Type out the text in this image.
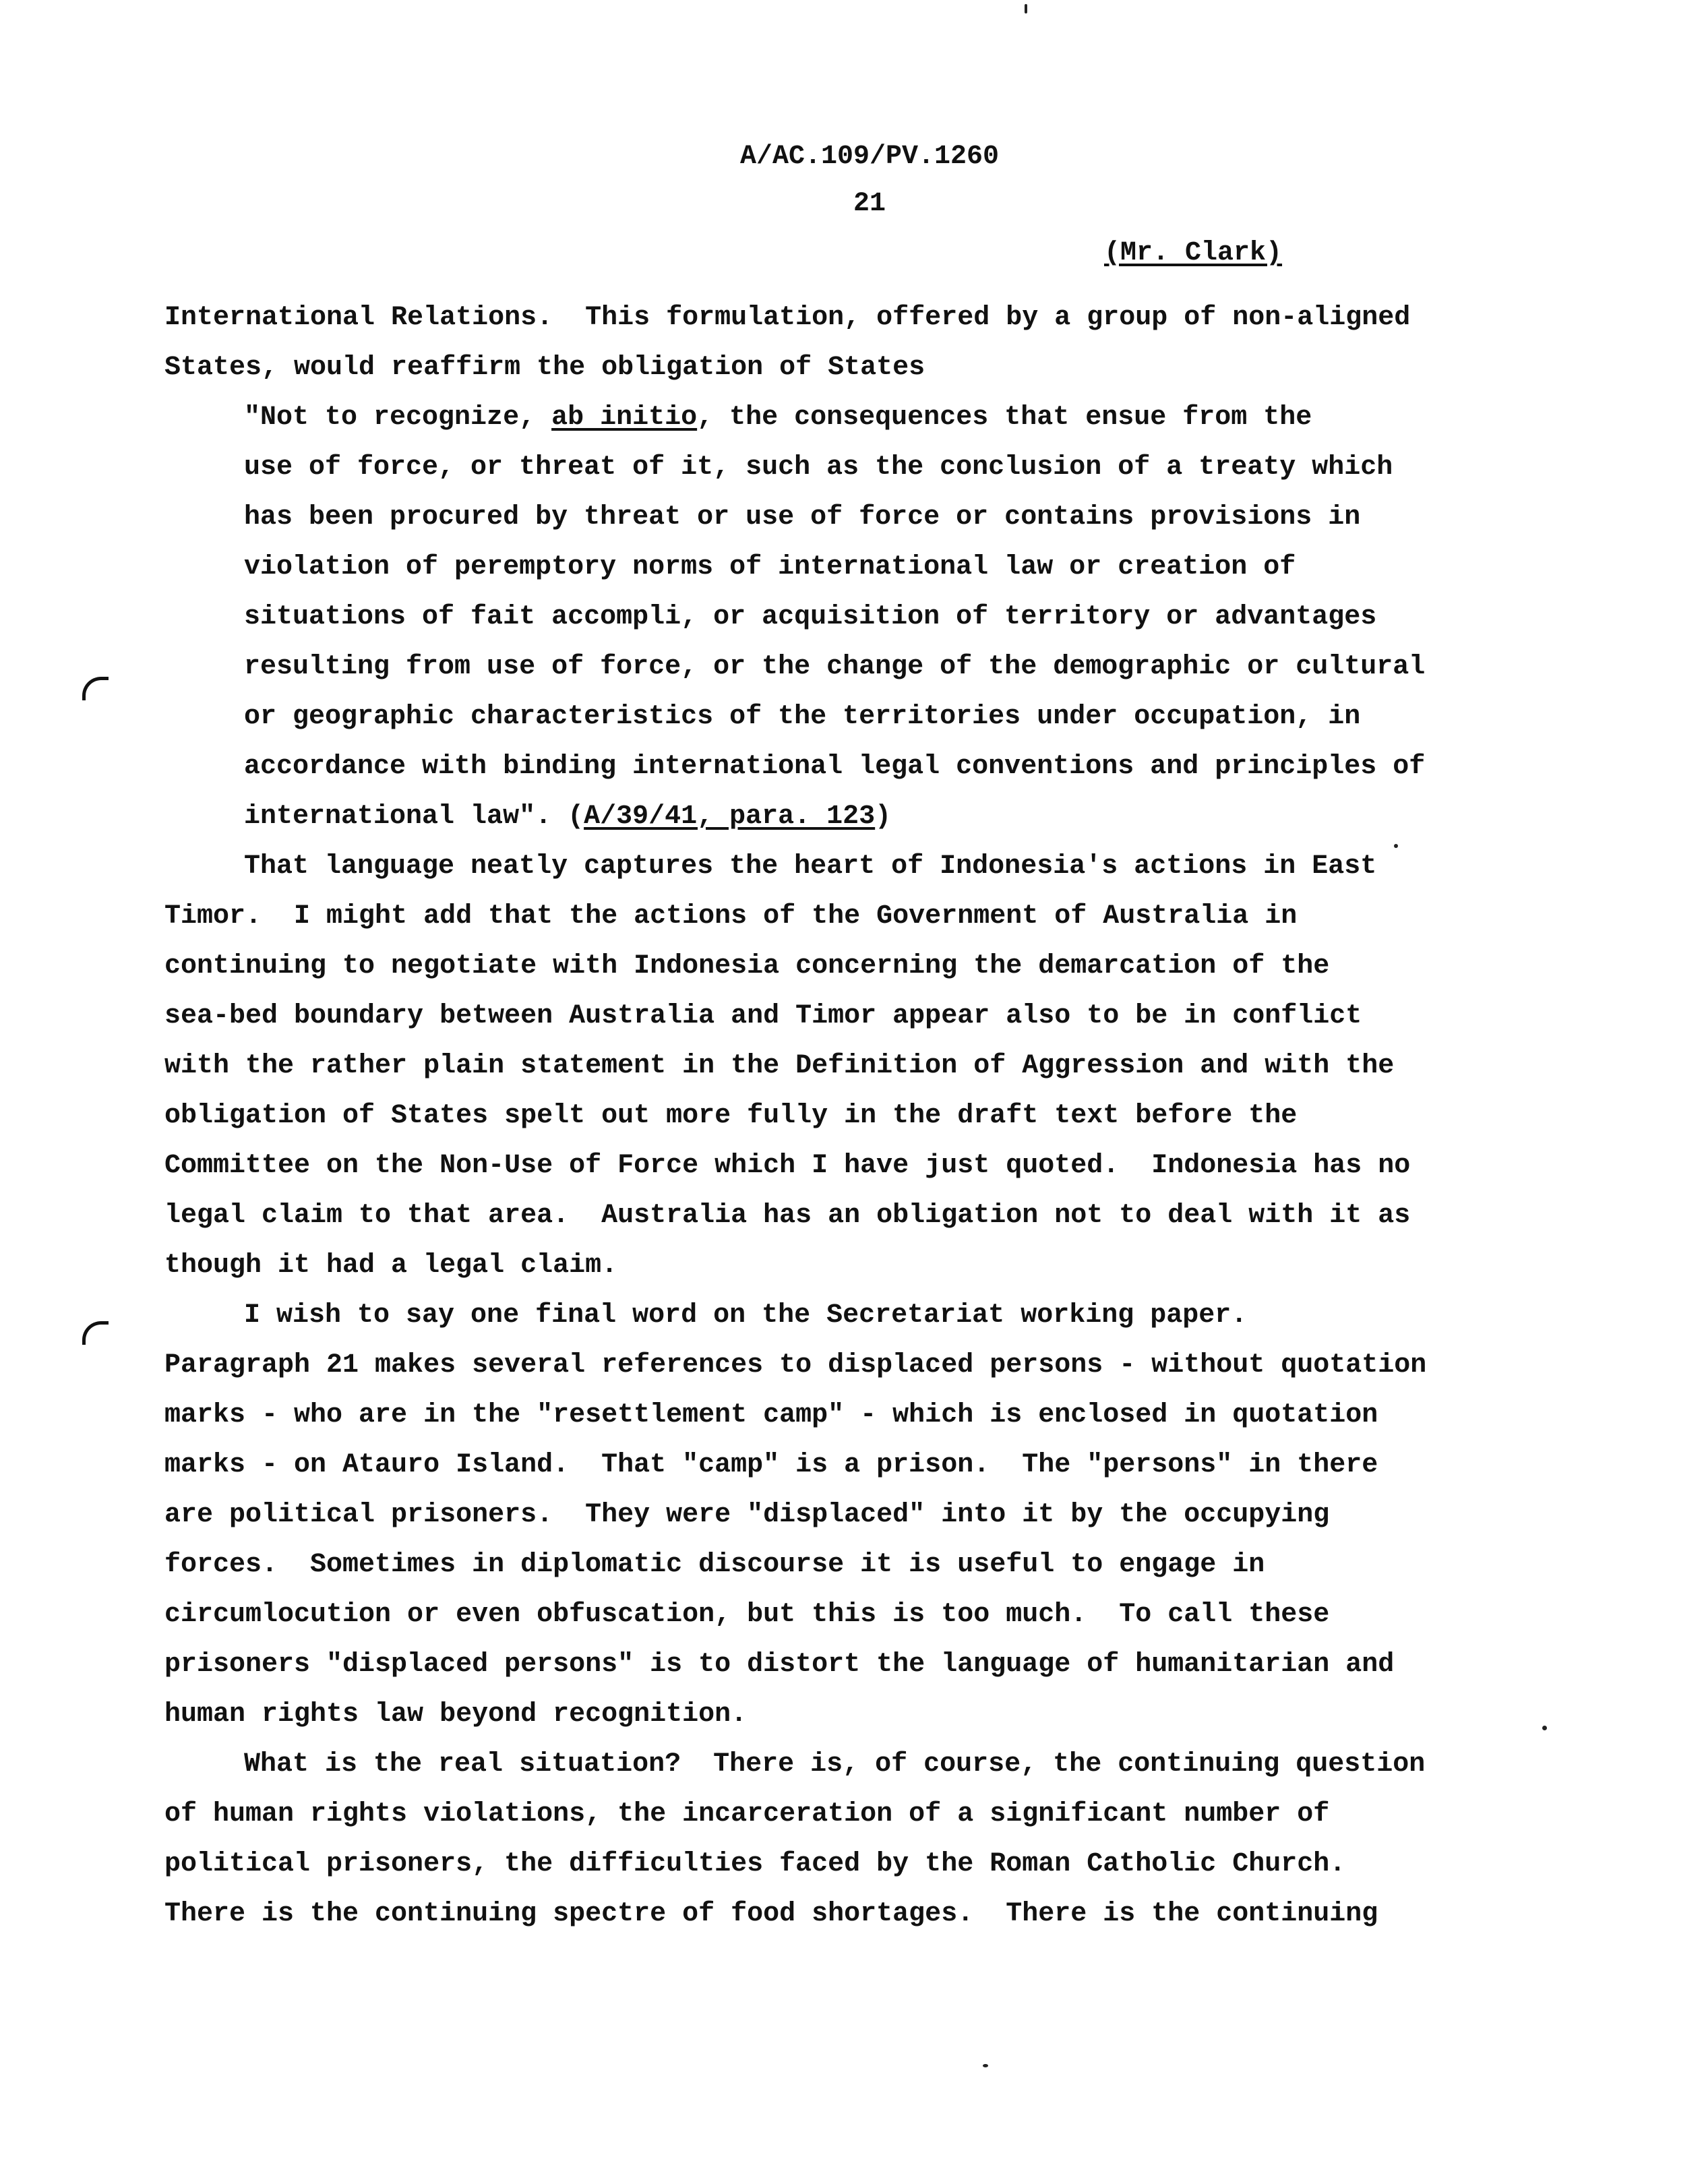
A/AC.109/PV.1260
21
(Mr. Clark)
International Relations.  This formulation, offered by a group of non-aligned
States, would reaffirm the obligation of States
"Not to recognize, ab initio, the consequences that ensue from the
use of force, or threat of it, such as the conclusion of a treaty which
has been procured by threat or use of force or contains provisions in
violation of peremptory norms of international law or creation of
situations of fait accompli, or acquisition of territory or advantages
resulting from use of force, or the change of the demographic or cultural
or geographic characteristics of the territories under occupation, in
accordance with binding international legal conventions and principles of
international law". (A/39/41, para. 123)
That language neatly captures the heart of Indonesia's actions in East
Timor.  I might add that the actions of the Government of Australia in
continuing to negotiate with Indonesia concerning the demarcation of the
sea-bed boundary between Australia and Timor appear also to be in conflict
with the rather plain statement in the Definition of Aggression and with the
obligation of States spelt out more fully in the draft text before the
Committee on the Non-Use of Force which I have just quoted.  Indonesia has no
legal claim to that area.  Australia has an obligation not to deal with it as
though it had a legal claim.
I wish to say one final word on the Secretariat working paper.
Paragraph 21 makes several references to displaced persons - without quotation
marks - who are in the "resettlement camp" - which is enclosed in quotation
marks - on Atauro Island.  That "camp" is a prison.  The "persons" in there
are political prisoners.  They were "displaced" into it by the occupying
forces.  Sometimes in diplomatic discourse it is useful to engage in
circumlocution or even obfuscation, but this is too much.  To call these
prisoners "displaced persons" is to distort the language of humanitarian and
human rights law beyond recognition.
What is the real situation?  There is, of course, the continuing question
of human rights violations, the incarceration of a significant number of
political prisoners, the difficulties faced by the Roman Catholic Church.
There is the continuing spectre of food shortages.  There is the continuing
